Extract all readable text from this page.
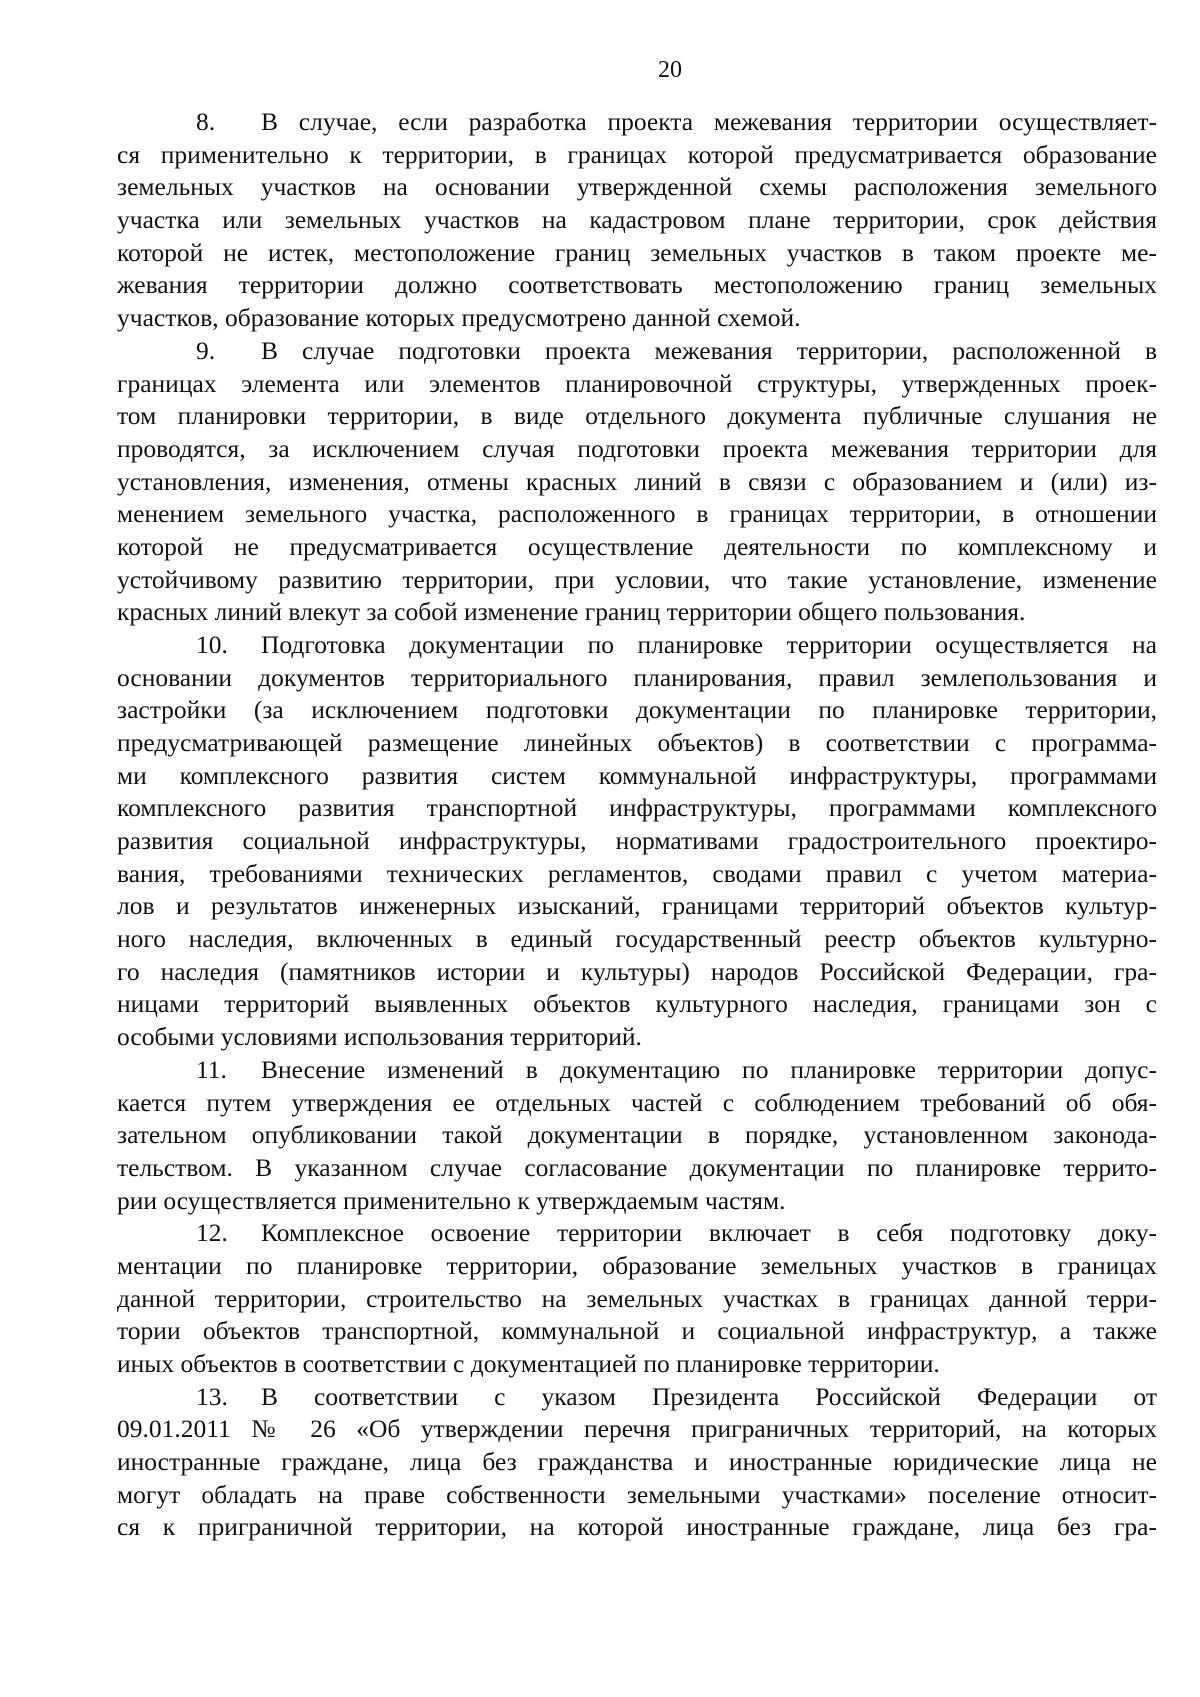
20
8. В случае, если разработка проекта межевания территории осуществляет-
ся применительно к территории, в границах которой предусматривается образование
земельных участков на основании утвержденной схемы расположения земельного
участка или земельных участков на кадастровом плане территории, срок действия
которой не истек, местоположение границ земельных участков в таком проекте ме-
жевания территории должно соответствовать местоположению границ земельных
участков, образование которых предусмотрено данной схемой.
9. В случае подготовки проекта межевания территории, расположенной в
границах элемента или элементов планировочной структуры, утвержденных проек-
том планировки территории, в виде отдельного документа публичные слушания не
проводятся, за исключением случая подготовки проекта межевания территории для
установления, изменения, отмены красных линий в связи с образованием и (или) из-
менением земельного участка, расположенного в границах территории, в отношении
которой не предусматривается осуществление деятельности по комплексному и
устойчивому развитию территории, при условии, что такие установление, изменение
красных линий влекут за собой изменение границ территории общего пользования.
10. Подготовка документации по планировке территории осуществляется на
основании документов территориального планирования, правил землепользования и
застройки (за исключением подготовки документации по планировке территории,
предусматривающей размещение линейных объектов) в соответствии с программа-
ми комплексного развития систем коммунальной инфраструктуры, программами
комплексного развития транспортной инфраструктуры, программами комплексного
развития социальной инфраструктуры, нормативами градостроительного проектиро-
вания, требованиями технических регламентов, сводами правил с учетом материа-
лов и результатов инженерных изысканий, границами территорий объектов культур-
ного наследия, включенных в единый государственный реестр объектов культурно-
го наследия (памятников истории и культуры) народов Российской Федерации, гра-
ницами территорий выявленных объектов культурного наследия, границами зон с
особыми условиями использования территорий.
11. Внесение изменений в документацию по планировке территории допус-
кается путем утверждения ее отдельных частей с соблюдением требований об обя-
зательном опубликовании такой документации в порядке, установленном законода-
тельством. В указанном случае согласование документации по планировке террито-
рии осуществляется применительно к утверждаемым частям.
12. Комплексное освоение территории включает в себя подготовку доку-
ментации по планировке территории, образование земельных участков в границах
данной территории, строительство на земельных участках в границах данной терри-
тории объектов транспортной, коммунальной и социальной инфраструктур, а также
иных объектов в соответствии с документацией по планировке территории.
13. В соответствии с указом Президента Российской Федерации от
09.01.2011 № 26 «Об утверждении перечня приграничных территорий, на которых
иностранные граждане, лица без гражданства и иностранные юридические лица не
могут обладать на праве собственности земельными участками» поселение относит-
ся к приграничной территории, на которой иностранные граждане, лица без гра-
